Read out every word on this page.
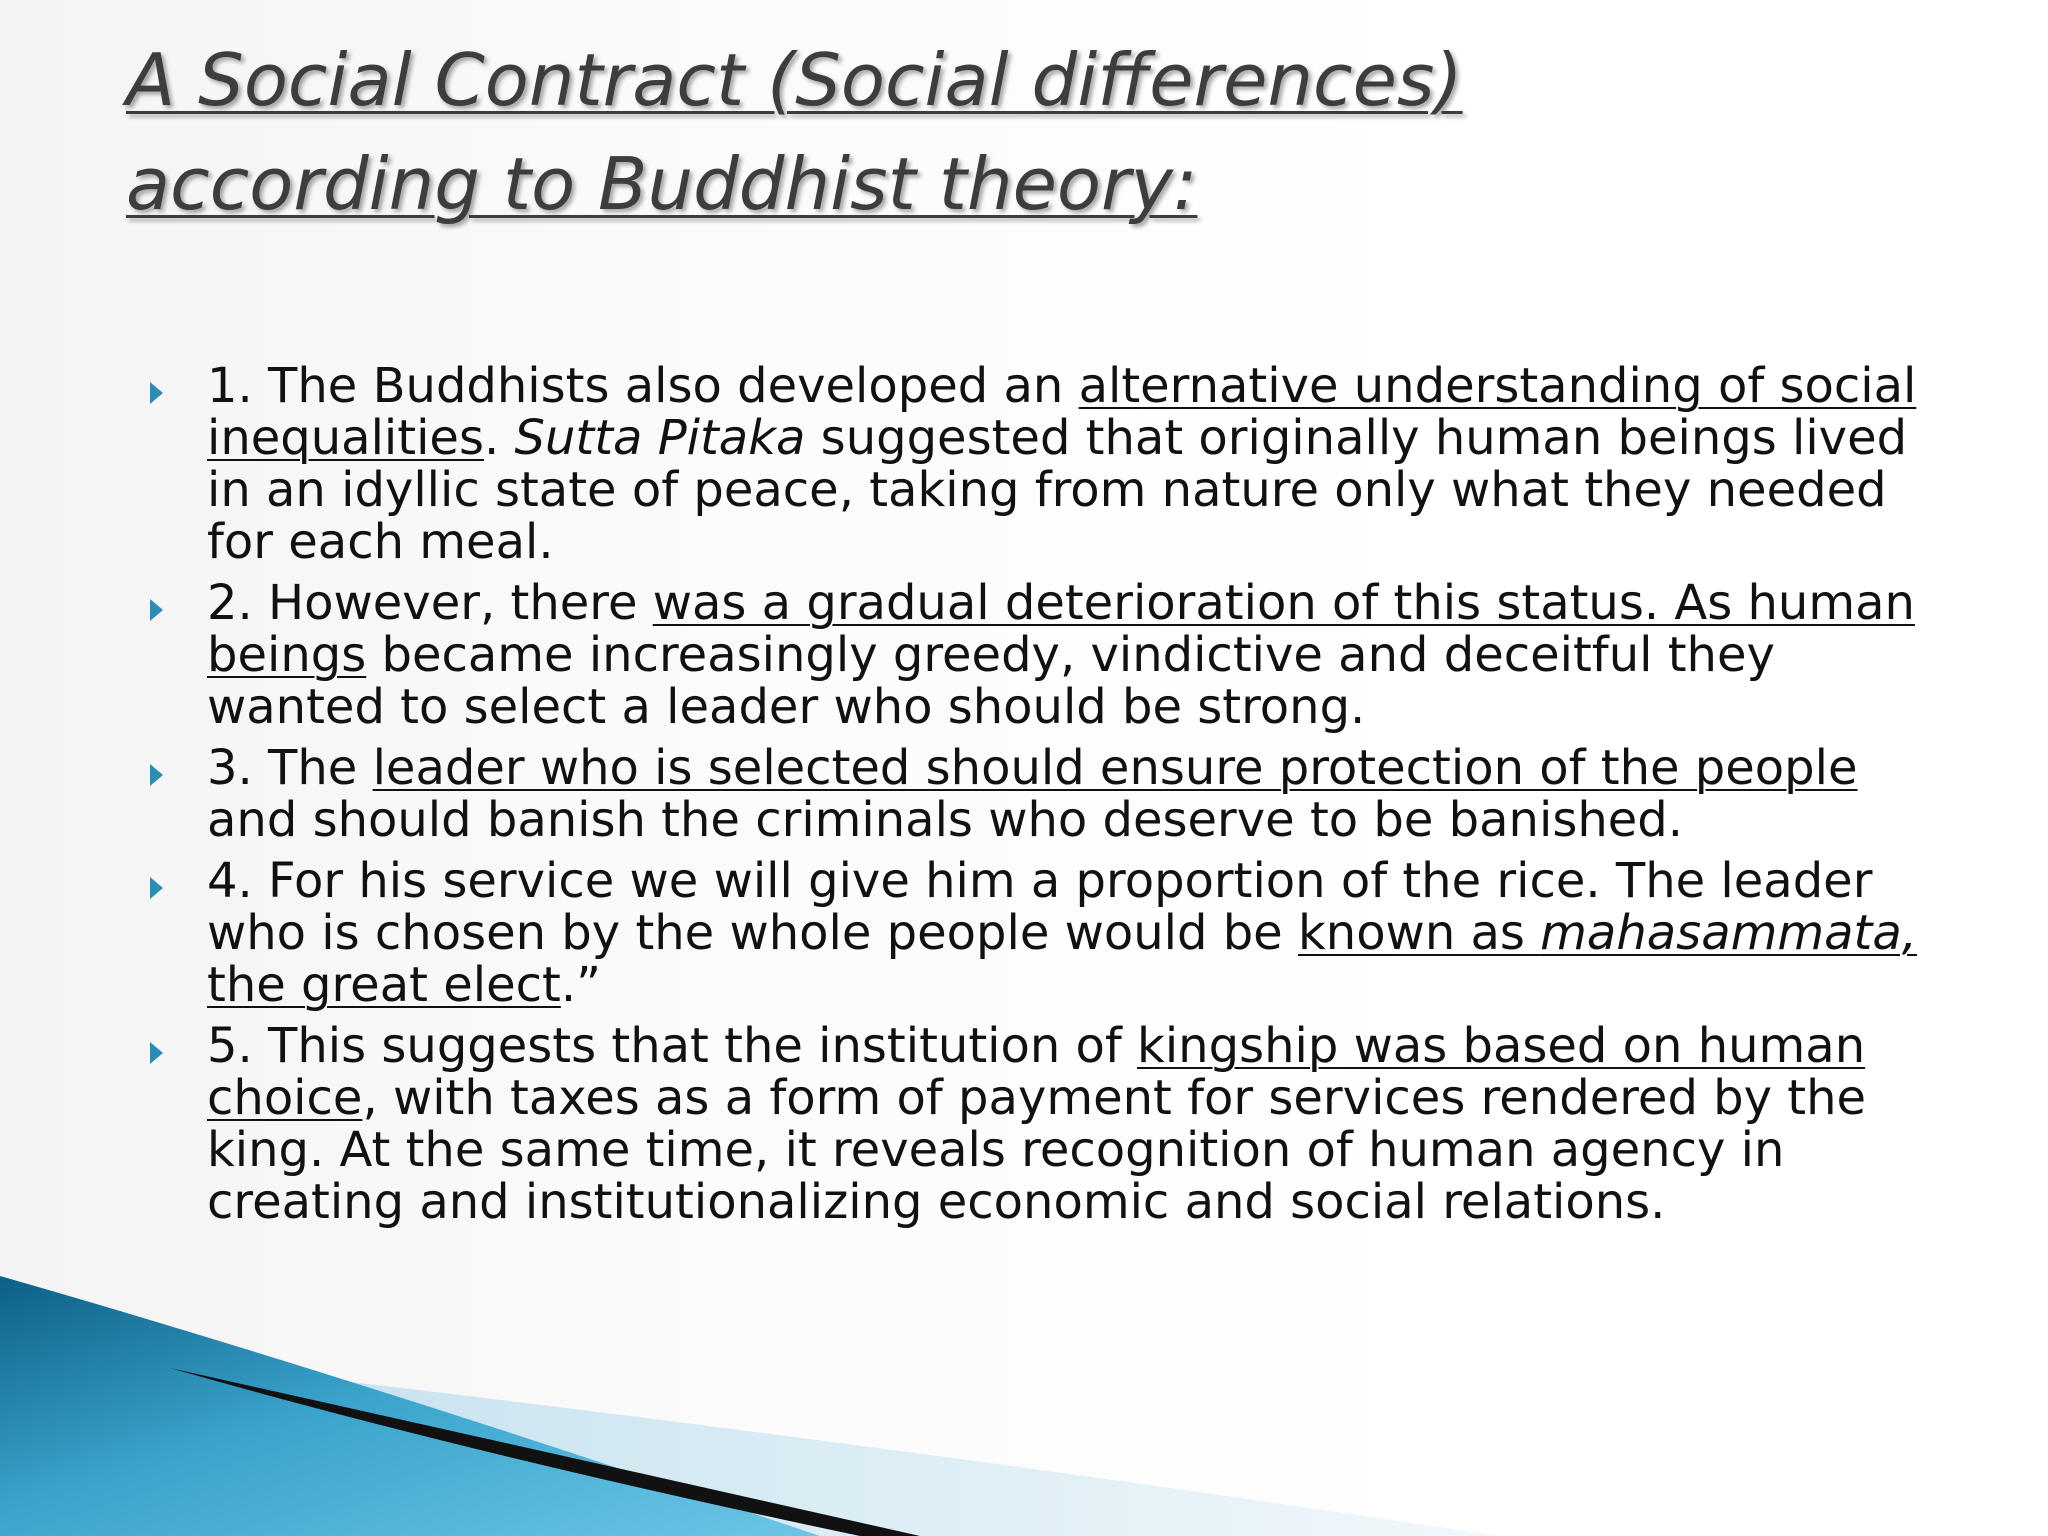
A Social Contract (Social differences)
according to Buddhist theory:
1. The Buddhists also developed an alternative understanding of social inequalities. Sutta Pitaka suggested that originally human beings lived in an idyllic state of peace, taking from nature only what they needed for each meal.
2. However, there was a gradual deterioration of this status. As human beings became increasingly greedy, vindictive and deceitful they wanted to select a leader who should be strong.
3. The leader who is selected should ensure protection of the people and should banish the criminals who deserve to be banished.
4. For his service we will give him a proportion of the rice. The leader who is chosen by the whole people would be known as mahasammata, the great elect.”
5. This suggests that the institution of kingship was based on human choice, with taxes as a form of payment for services rendered by the king. At the same time, it reveals recognition of human agency in creating and institutionalizing economic and social relations.
